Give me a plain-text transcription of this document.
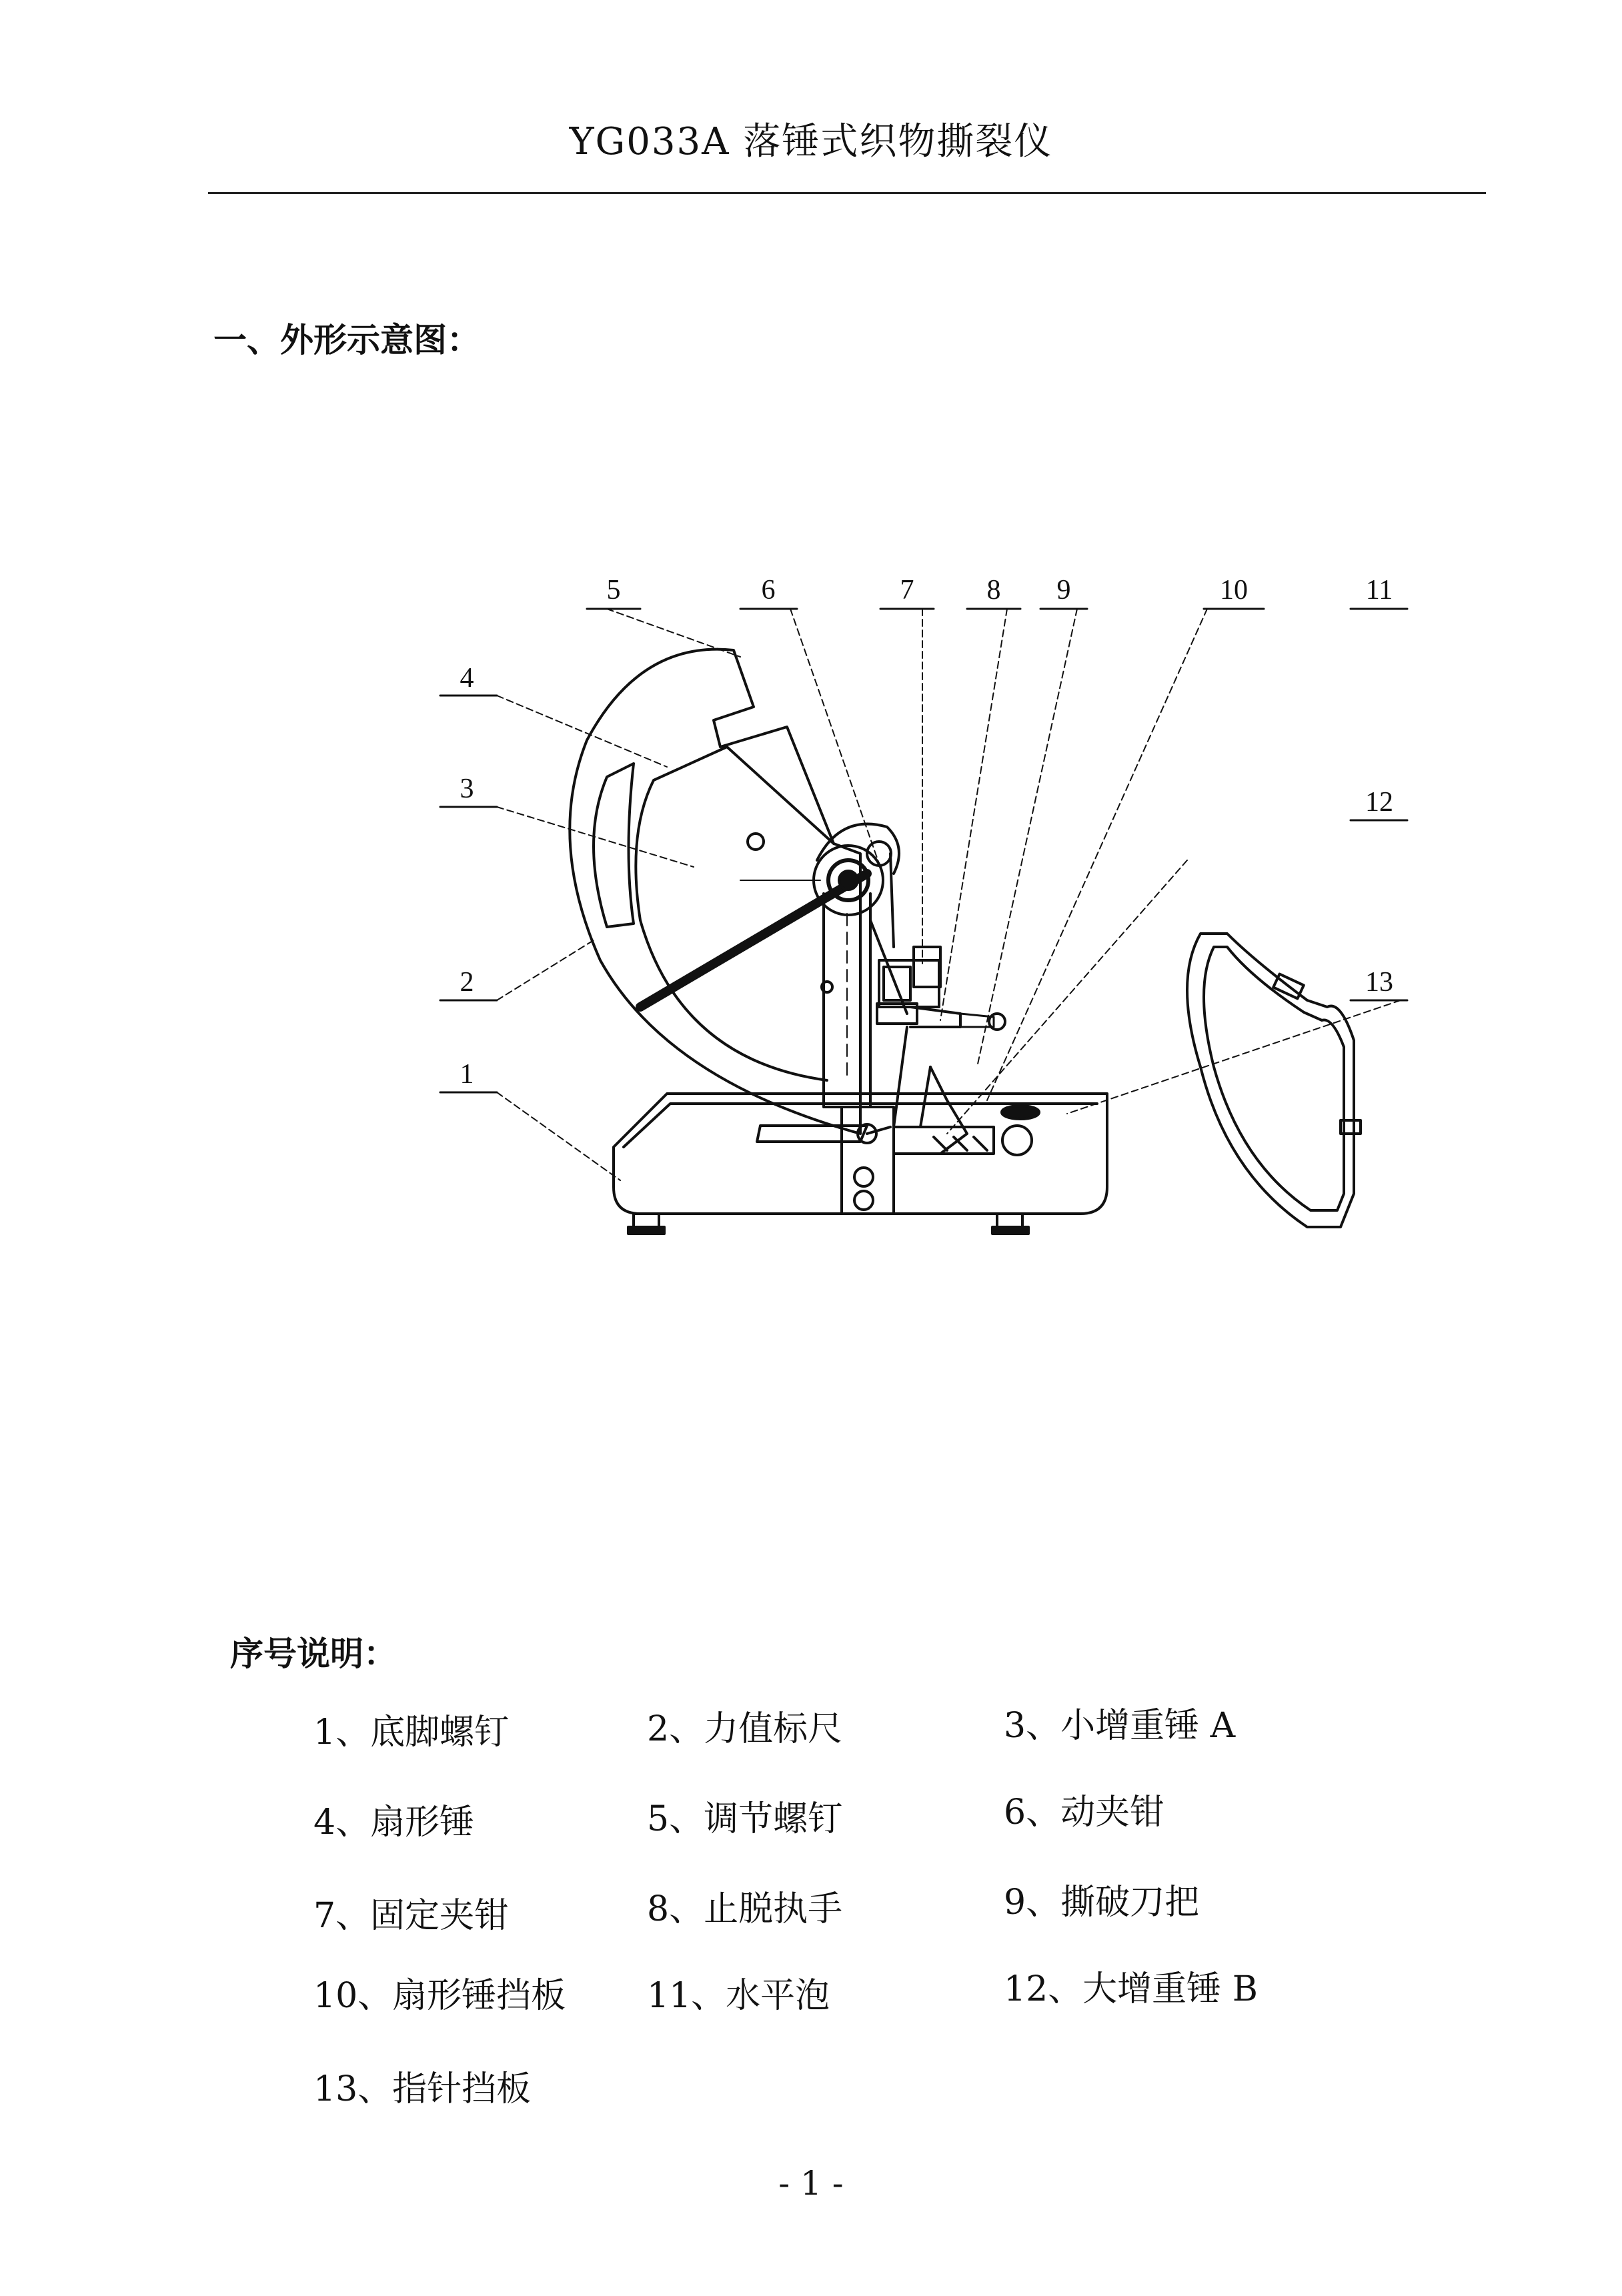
YG033A 落锤式织物撕裂仪
一、外形示意图：
5	6	7	8 9	10	11
4
3
2
1
12
13
序号说明：
1、底脚螺钉	2、力值标尺	3、小增重锤 A
4、扇形锤	5、调节螺钉	6、动夹钳
7、固定夹钳	8、止脱执手	9、撕破刀把
10、扇形锤挡板 11、水平泡	12、大增重锤 B
13、指针挡板
- 1 -
